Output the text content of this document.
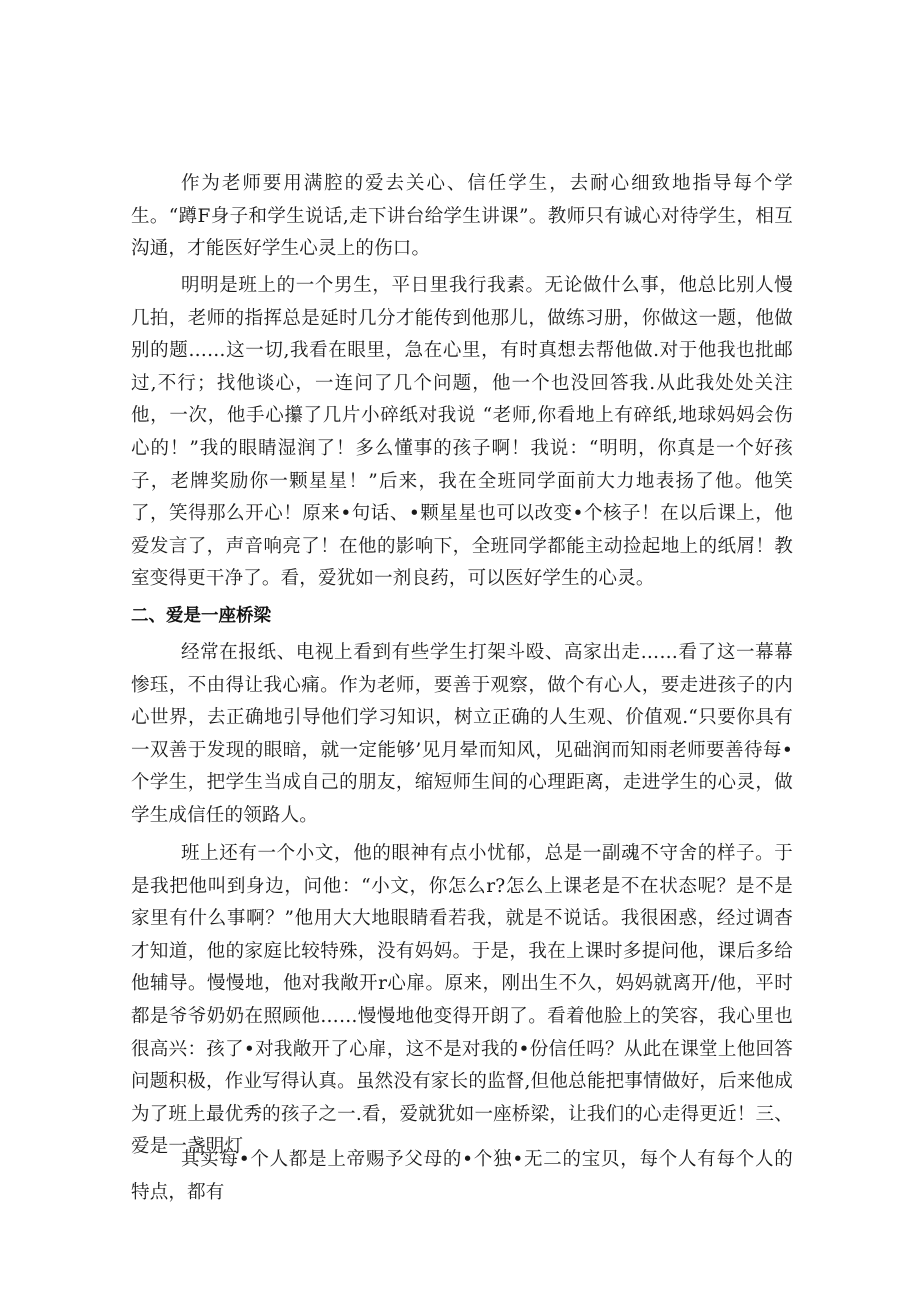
作为老师要用满腔的爱去关心、信任学生，去耐心细致地指导每个学生。“蹲F身子和学生说话,走下讲台给学生讲课”。教师只有诚心对待学生，相互沟通，才能医好学生心灵上的伤口。

明明是班上的一个男生，平日里我行我素。无论做什么事，他总比别人慢几拍，老师的指挥总是延时几分才能传到他那儿，做练习册，你做这一题，他做别的题……这一切,我看在眼里，急在心里，有时真想去帮他做.对于他我也批邮过,不行；找他谈心，一连问了几个问题，他一个也没回答我.从此我处处关注他，一次，他手心攥了几片小碎纸对我说 “老师,你看地上有碎纸,地球妈妈会伤心的！”我的眼睛湿润了！多么懂事的孩子啊！我说：“明明，你真是一个好孩子，老牌奖励你一颗星星！”后来，我在全班同学面前大力地表扬了他。他笑了，笑得那么开心！原来•句话、•颗星星也可以改变•个核子！在以后课上，他爱发言了，声音响亮了！在他的影响下，全班同学都能主动捡起地上的纸屑！教室变得更干净了。看，爱犹如一剂良药，可以医好学生的心灵。

二、爱是一座桥梁

经常在报纸、电视上看到有些学生打架斗殴、高家出走……看了这一幕幕惨珏，不由得让我心痛。作为老师，要善于观察，做个有心人，要走进孩子的内心世界，去正确地引导他们学习知识，树立正确的人生观、价值观.“只要你具有一双善于发现的眼暗，就一定能够’见月晕而知风，见础润而知雨老师要善待每•个学生，把学生当成自己的朋友，缩短师生间的心理距离，走进学生的心灵，做学生成信任的领路人。

班上还有一个小文，他的眼神有点小忧郁，总是一副魂不守舍的样子。于是我把他叫到身边，问他：“小文，你怎么r?怎么上课老是不在状态呢？是不是家里有什么事啊？”他用大大地眼睛看若我，就是不说话。我很困惑，经过调杳才知道，他的家庭比较特殊，没有妈妈。于是，我在上课时多提问他，课后多给他辅导。慢慢地，他对我敞开r心扉。原来，刚出生不久，妈妈就离开/他，平时都是爷爷奶奶在照顾他……慢慢地他变得开朗了。看着他脸上的笑容，我心里也很高兴：孩了•对我敞开了心扉，这不是对我的•份信任吗？从此在课堂上他回答问题积极，作业写得认真。虽然没有家长的监督,但他总能把事情做好，后来他成为了班上最优秀的孩子之一.看，爱就犹如一座桥梁，让我们的心走得更近！三、爱是一盏明灯

其实每•个人都是上帝赐予父母的•个独•无二的宝贝，每个人有每个人的特点，都有
